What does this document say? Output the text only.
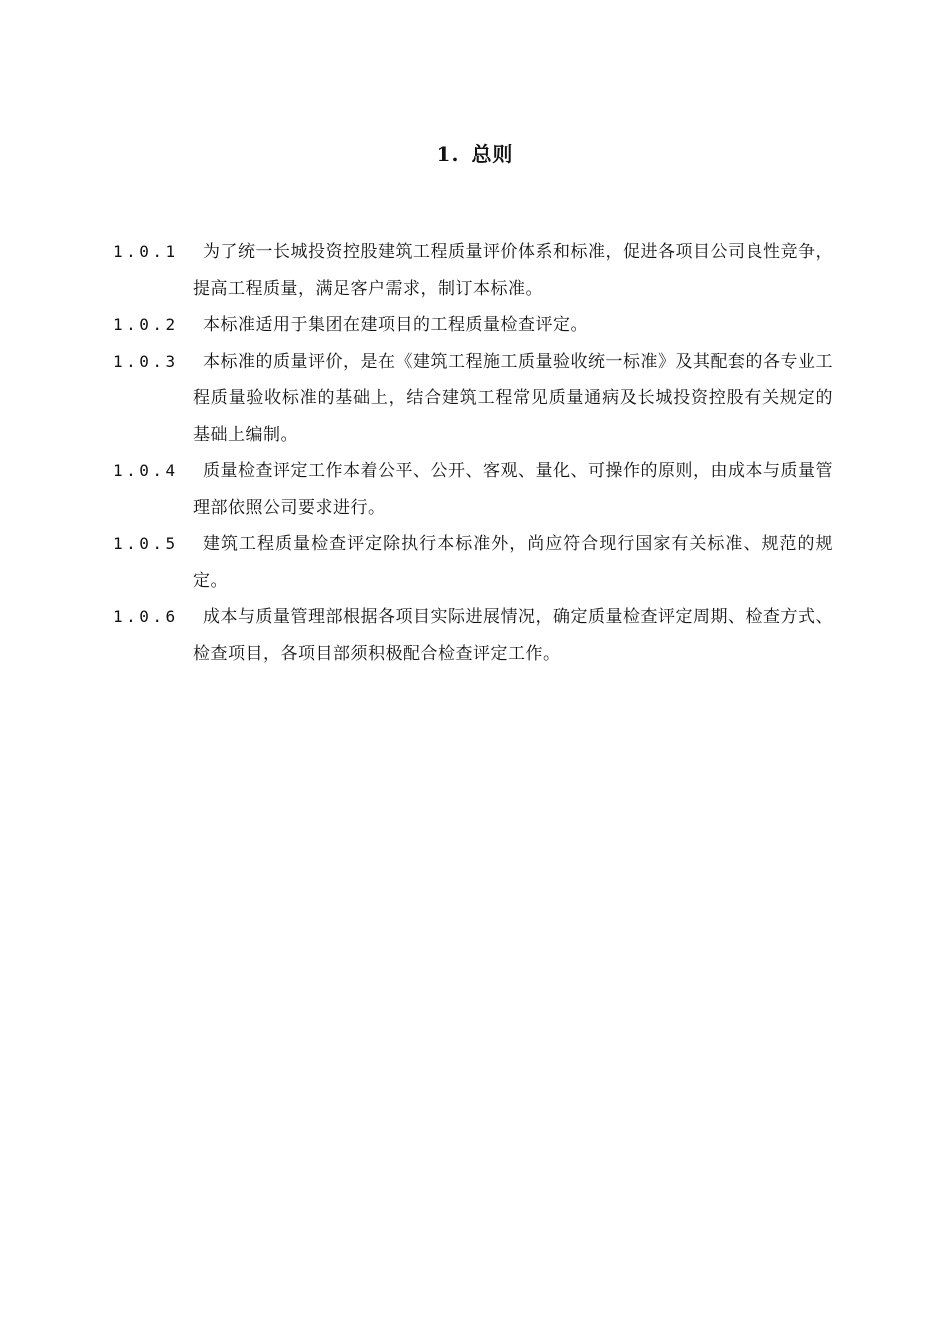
1. 总则
1.0.1	为了统一长城投资控股建筑工程质量评价体系和标准，促进各项目公司良性竞争，提高工程质量，满足客户需求，制订本标准。
1.0.2	本标准适用于集团在建项目的工程质量检查评定。
1.0.3	本标准的质量评价，是在《建筑工程施工质量验收统一标准》及其配套的各专业工程质量验收标准的基础上，结合建筑工程常见质量通病及长城投资控股有关规定的基础上编制。
1.0.4	质量检查评定工作本着公平、公开、客观、量化、可操作的原则，由成本与质量管理部依照公司要求进行。
1.0.5	建筑工程质量检查评定除执行本标准外，尚应符合现行国家有关标准、规范的规定。
1.0.6	成本与质量管理部根据各项目实际进展情况，确定质量检查评定周期、检查方式、检查项目，各项目部须积极配合检查评定工作。
